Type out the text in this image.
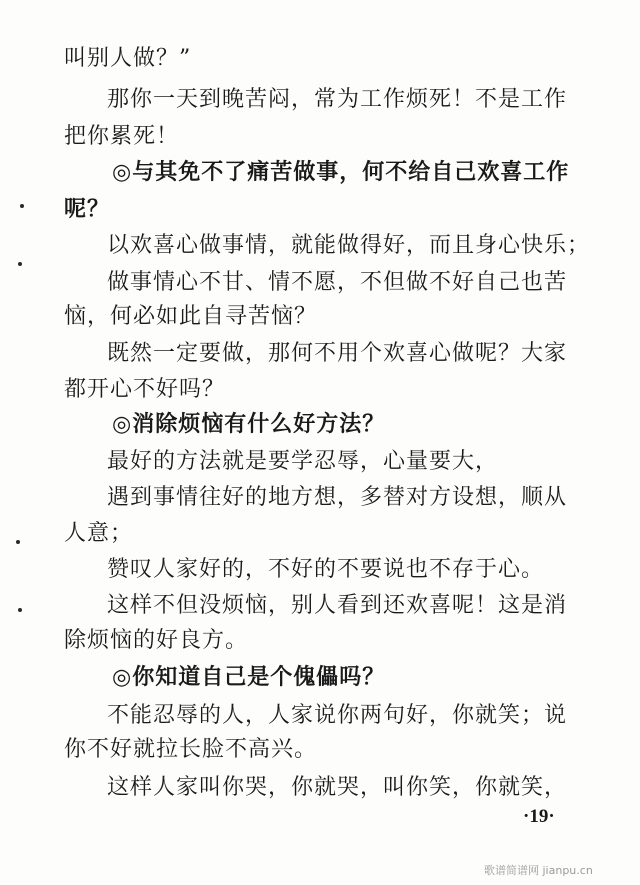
叫别人做？”
那你一天到晚苦闷，常为工作烦死！不是工作
把你累死！
◎与其免不了痛苦做事，何不给自己欢喜工作
呢？
以欢喜心做事情，就能做得好，而且身心快乐；
做事情心不甘、情不愿，不但做不好自己也苦
恼，何必如此自寻苦恼？
既然一定要做，那何不用个欢喜心做呢？大家
都开心不好吗？
◎消除烦恼有什么好方法？
最好的方法就是要学忍辱，心量要大，
遇到事情往好的地方想，多替对方设想，顺从
人意；
赞叹人家好的，不好的不要说也不存于心。
这样不但没烦恼，别人看到还欢喜呢！这是消
除烦恼的好良方。
◎你知道自己是个傀儡吗？
不能忍辱的人，人家说你两句好，你就笑；说
你不好就拉长脸不高兴。
这样人家叫你哭，你就哭，叫你笑，你就笑，
·19·
歌谱简谱网 jianpu.cn
